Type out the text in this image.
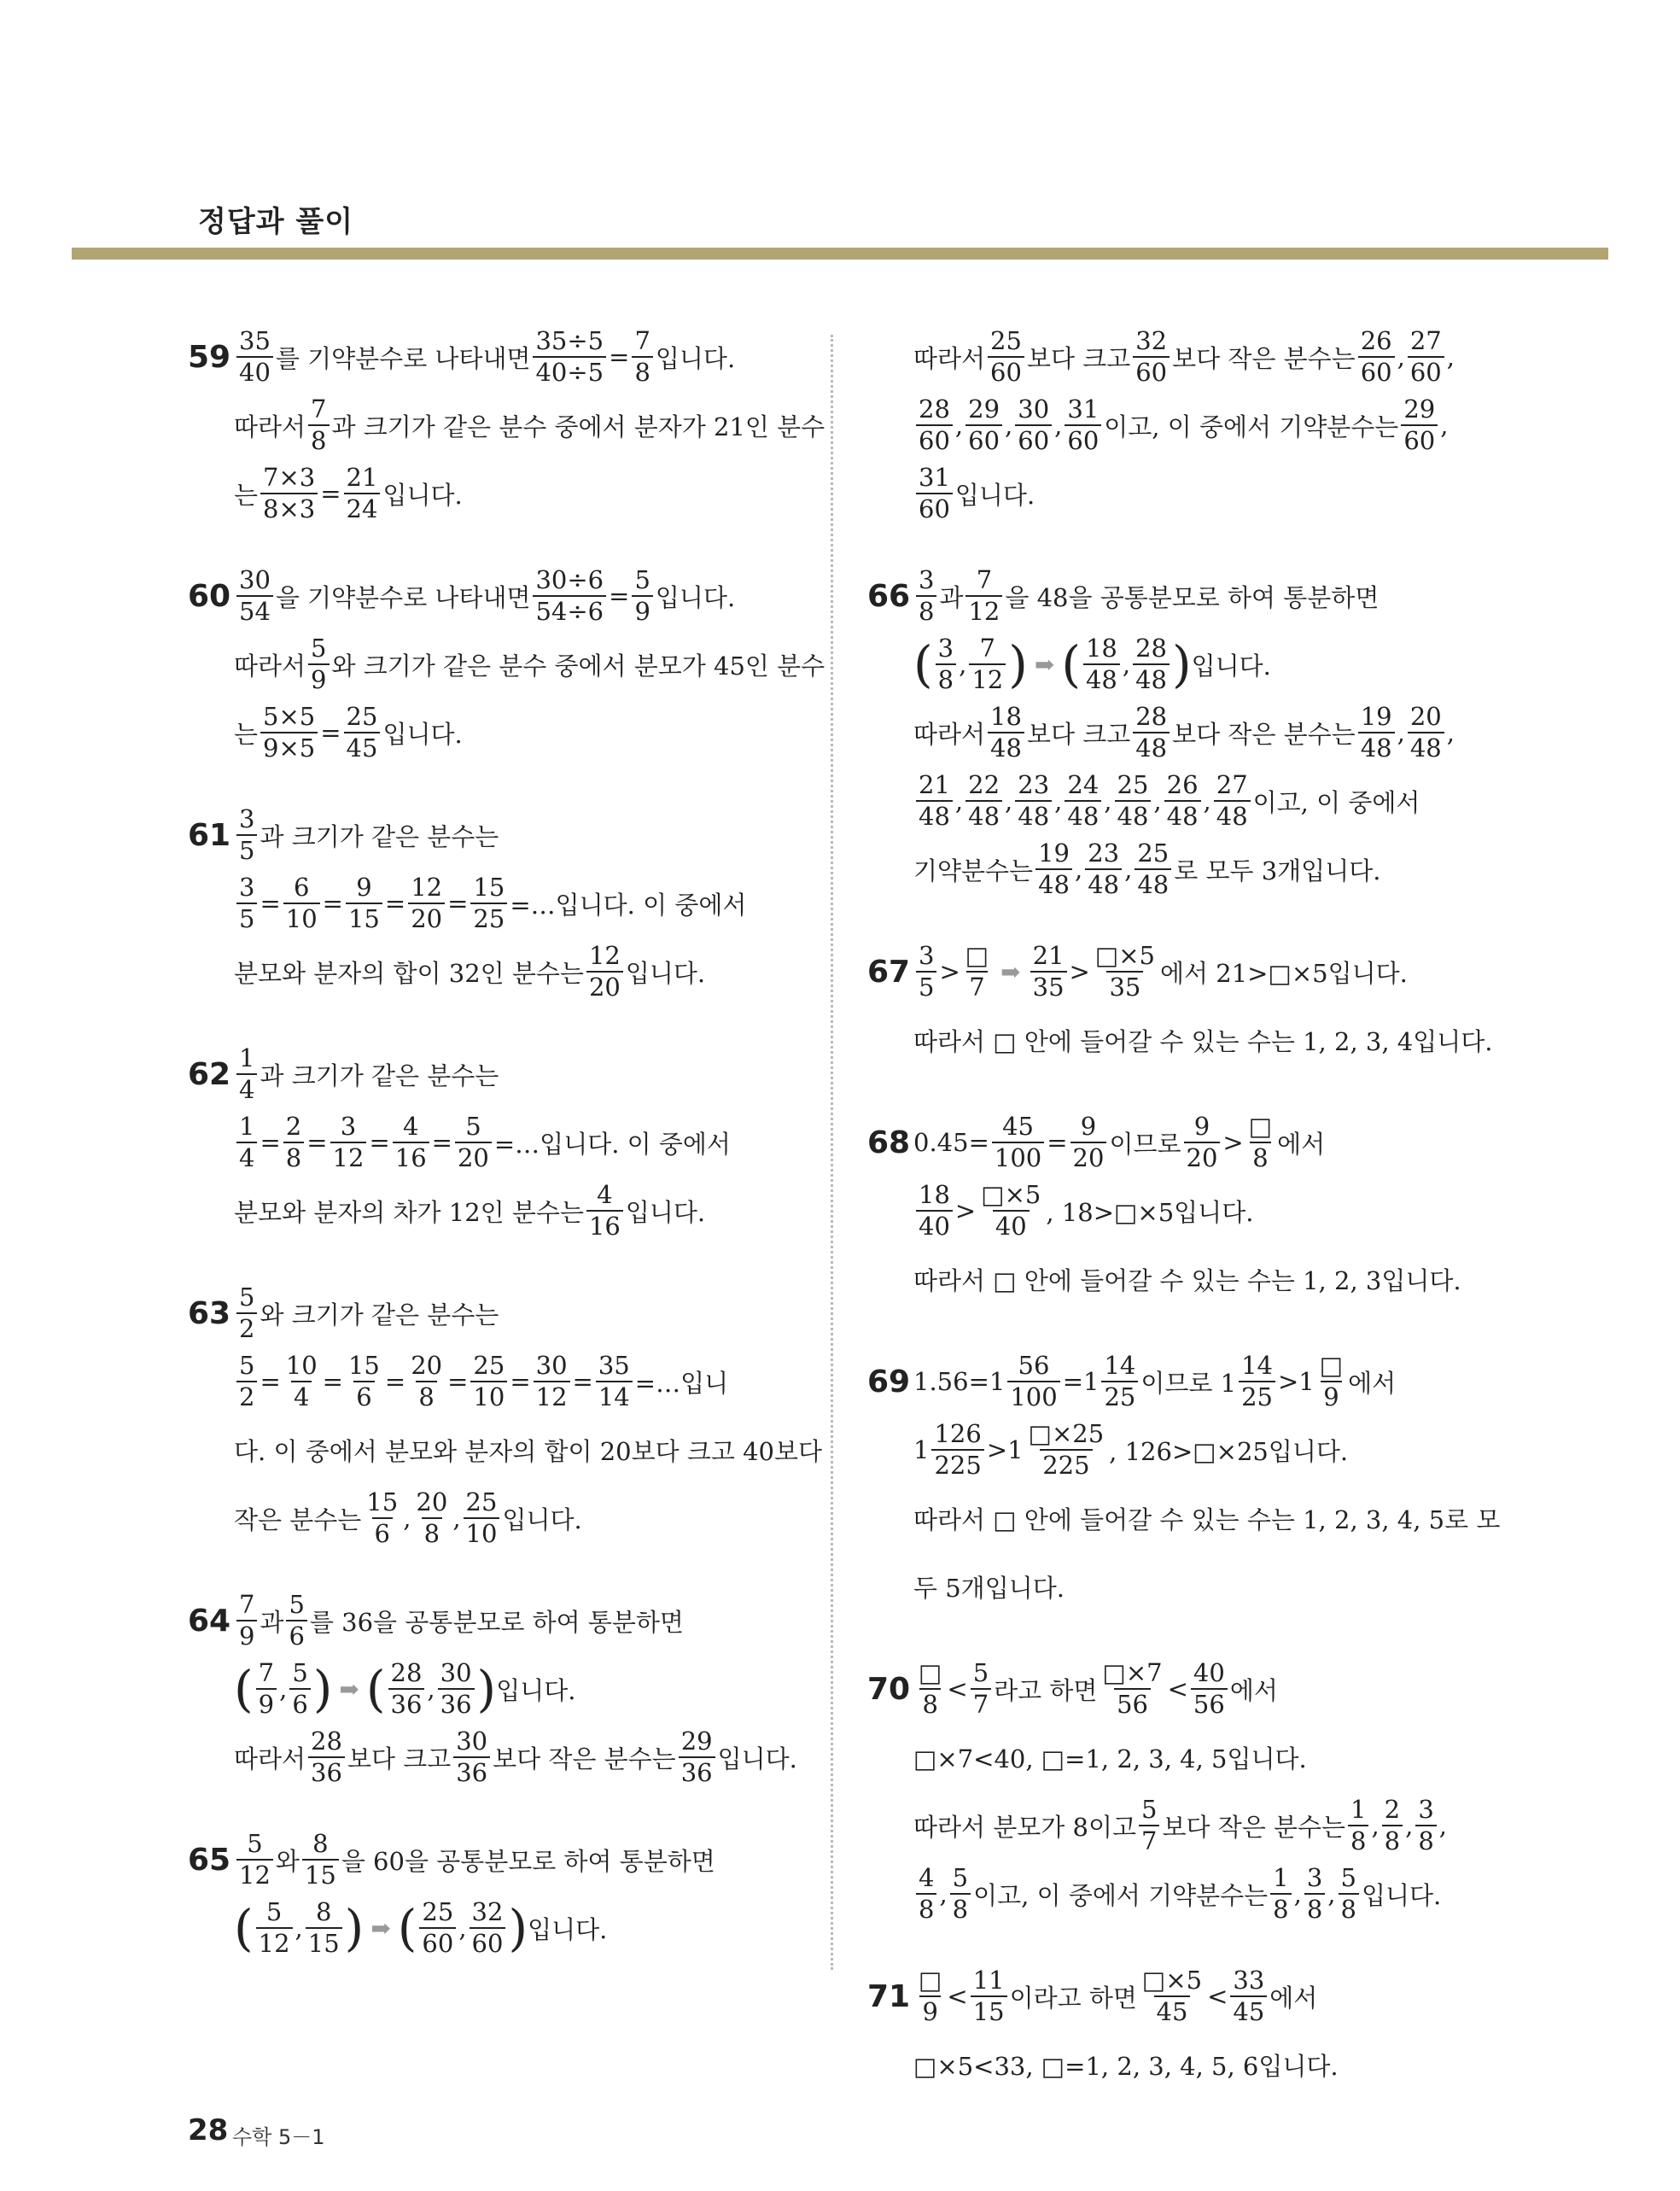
정답과 풀이
$59 \frac{35}{40}$ 를 기약분수로 나타내면 $\frac{35\div 5}{40\div 5} = \frac{7}{8}$ 입니다.
따라서 $\frac{7}{8}$ 과 크기가 같은 분수 중에서 분자가 21인 분수
는 $\frac{7\times 3}{8\times 3} = \frac{21}{24}$ 입니다.
$60 \frac{30}{54}$ 을 기약분수로 나타내면 $\frac{30\div 6}{54\div 6} = \frac{5}{9}$ 입니다.
따라서 $\frac{5}{9}$ 와 크기가 같은 분수 중에서 분모가 45인 분수
는 $\frac{5\times 5}{9\times 5} = \frac{25}{45}$ 입니다.
$61 \frac{3}{5}$ 과 크기가 같은 분수는
$\frac{3}{5} = \frac{6}{10} = \frac{9}{15} = \frac{12}{20} = \frac{15}{25}$ =…입니다. 이 중에서
분모와 분자의 합이 32인 분수는 $\frac{12}{20}$ 입니다.
$62 \frac{1}{4}$ 과 크기가 같은 분수는
$\frac{1}{4} = \frac{2}{8} = \frac{3}{12} = \frac{4}{16} = \frac{5}{20}$ =…입니다. 이 중에서
분모와 분자의 차가 12인 분수는 $\frac{4}{16}$ 입니다.
$63 \frac{5}{2}$ 와 크기가 같은 분수는
$\frac{5}{2} = \frac{10}{4} = \frac{15}{6} = \frac{20}{8} = \frac{25}{10} = \frac{30}{12} = \frac{35}{14}$ =…입니
다. 이 중에서 분모와 분자의 합이 20보다 크고 40보다
작은 분수는 $\frac{15}{6}$ , $\frac{20}{8}$ , $\frac{25}{10}$ 입니다.
$64 \frac{7}{9}$ 과 $\frac{5}{6}$ 를 36을 공통분모로 하여 통분하면
( $\frac{7}{9}$ , $\frac{5}{6}$ ) ➡ ( $\frac{28}{36}$ , $\frac{30}{36}$ ) 입니다.
따라서 $\frac{28}{36}$ 보다 크고 $\frac{30}{36}$ 보다 작은 분수는 $\frac{29}{36}$ 입니다.
$65 \frac{5}{12}$ 와 $\frac{8}{15}$ 을 60을 공통분모로 하여 통분하면
( $\frac{5}{12}$ , $\frac{8}{15}$ ) ➡ ( $\frac{25}{60}$ , $\frac{32}{60}$ ) 입니다.
따라서 $\frac{25}{60}$ 보다 크고 $\frac{32}{60}$ 보다 작은 분수는 $\frac{26}{60}$ , $\frac{27}{60}$ ,
$\frac{28}{60}$ , $\frac{29}{60}$ , $\frac{30}{60}$ , $\frac{31}{60}$ 이고, 이 중에서 기약분수는 $\frac{29}{60}$ ,
$\frac{31}{60}$ 입니다.
$66 \frac{3}{8}$ 과 $\frac{7}{12}$ 을 48을 공통분모로 하여 통분하면
( $\frac{3}{8}$ , $\frac{7}{12}$ ) ➡ ( $\frac{18}{48}$ , $\frac{28}{48}$ ) 입니다.
따라서 $\frac{18}{48}$ 보다 크고 $\frac{28}{48}$ 보다 작은 분수는 $\frac{19}{48}$ , $\frac{20}{48}$ ,
$\frac{21}{48}$ , $\frac{22}{48}$ , $\frac{23}{48}$ , $\frac{24}{48}$ , $\frac{25}{48}$ , $\frac{26}{48}$ , $\frac{27}{48}$ 이고, 이 중에서
기약분수는 $\frac{19}{48}$ , $\frac{23}{48}$ , $\frac{25}{48}$ 로 모두 3개입니다.
$67 \frac{3}{5} > \frac{□}{7}$ ➡ $\frac{21}{35} > \frac{□\times 5}{35}$ 에서 21>□×5입니다.
따라서 □ 안에 들어갈 수 있는 수는 1, 2, 3, 4입니다.
68 $0.45= \frac{45}{100} = \frac{9}{20}$ 이므로 $\frac{9}{20} > \frac{□}{8}$ 에서
$\frac{18}{40} > \frac{□\times 5}{40}$ , 18>□×5입니다.
따라서 □ 안에 들어갈 수 있는 수는 1, 2, 3입니다.
69 $1.56=1 \frac{56}{100} =1 \frac{14}{25}$ 이므로 $1 \frac{14}{25} >1 \frac{□}{9}$ 에서
$1 \frac{126}{225} >1 \frac{□\times 25}{225}$ , 126>□×25입니다.
따라서 □ 안에 들어갈 수 있는 수는 1, 2, 3, 4, 5로 모
두 5개입니다.
$70 \frac{□}{8} < \frac{5}{7}$ 라고 하면 $\frac{□\times 7}{56} < \frac{40}{56}$ 에서
□×7<40, □=1, 2, 3, 4, 5입니다.
따라서 분모가 8이고 $\frac{5}{7}$ 보다 작은 분수는 $\frac{1}{8}$ , $\frac{2}{8}$ , $\frac{3}{8}$ ,
$\frac{4}{8}$ , $\frac{5}{8}$ 이고, 이 중에서 기약분수는 $\frac{1}{8}$ , $\frac{3}{8}$ , $\frac{5}{8}$ 입니다.
$71 \frac{□}{9} < \frac{11}{15}$ 이라고 하면 $\frac{□\times 5}{45} < \frac{33}{45}$ 에서
□×5<33, □=1, 2, 3, 4, 5, 6입니다.
28 수학 5－1
